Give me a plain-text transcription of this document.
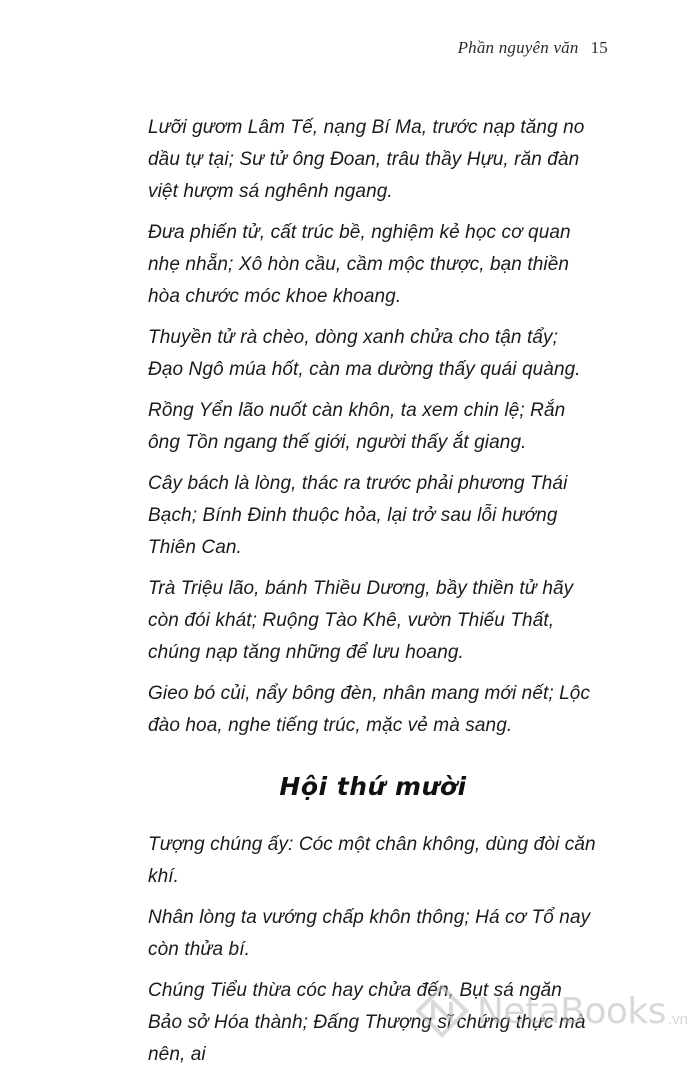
Phần nguyên văn 15

Lưỡi gươm Lâm Tế, nạng Bí Ma, trước nạp tăng no dầu tự tại; Sư tử ông Đoan, trâu thầy Hựu, răn đàn việt hượm sá nghênh ngang.

Đưa phiến tử, cất trúc bề, nghiệm kẻ học cơ quan nhẹ nhẵn; Xô hòn cầu, cầm mộc thược, bạn thiền hòa chước móc khoe khoang.

Thuyền tử rà chèo, dòng xanh chửa cho tận tẩy; Đạo Ngô múa hốt, càn ma dường thấy quái quàng.

Rồng Yển lão nuốt càn khôn, ta xem chin lệ; Rắn ông Tồn ngang thế giới, người thấy ắt giang.

Cây bách là lòng, thác ra trước phải phương Thái Bạch; Bính Đinh thuộc hỏa, lại trở sau lỗi hướng Thiên Can.

Trà Triệu lão, bánh Thiều Dương, bầy thiền tử hãy còn đói khát; Ruộng Tào Khê, vườn Thiếu Thất, chúng nạp tăng những để lưu hoang.

Gieo bó củi, nẩy bông đèn, nhân mang mới nết; Lộc đào hoa, nghe tiếng trúc, mặc vẻ mà sang.

Hội thứ mười

Tượng chúng ấy: Cóc một chân không, dùng đòi căn khí.

Nhân lòng ta vướng chấp khôn thông; Há cơ Tổ nay còn thửa bí.

Chúng Tiểu thừa cóc hay chửa đến, Bụt sá ngăn Bảo sở Hóa thành; Đấng Thượng sĩ chứng thực mà nên, ai

NetaBooks .vn
